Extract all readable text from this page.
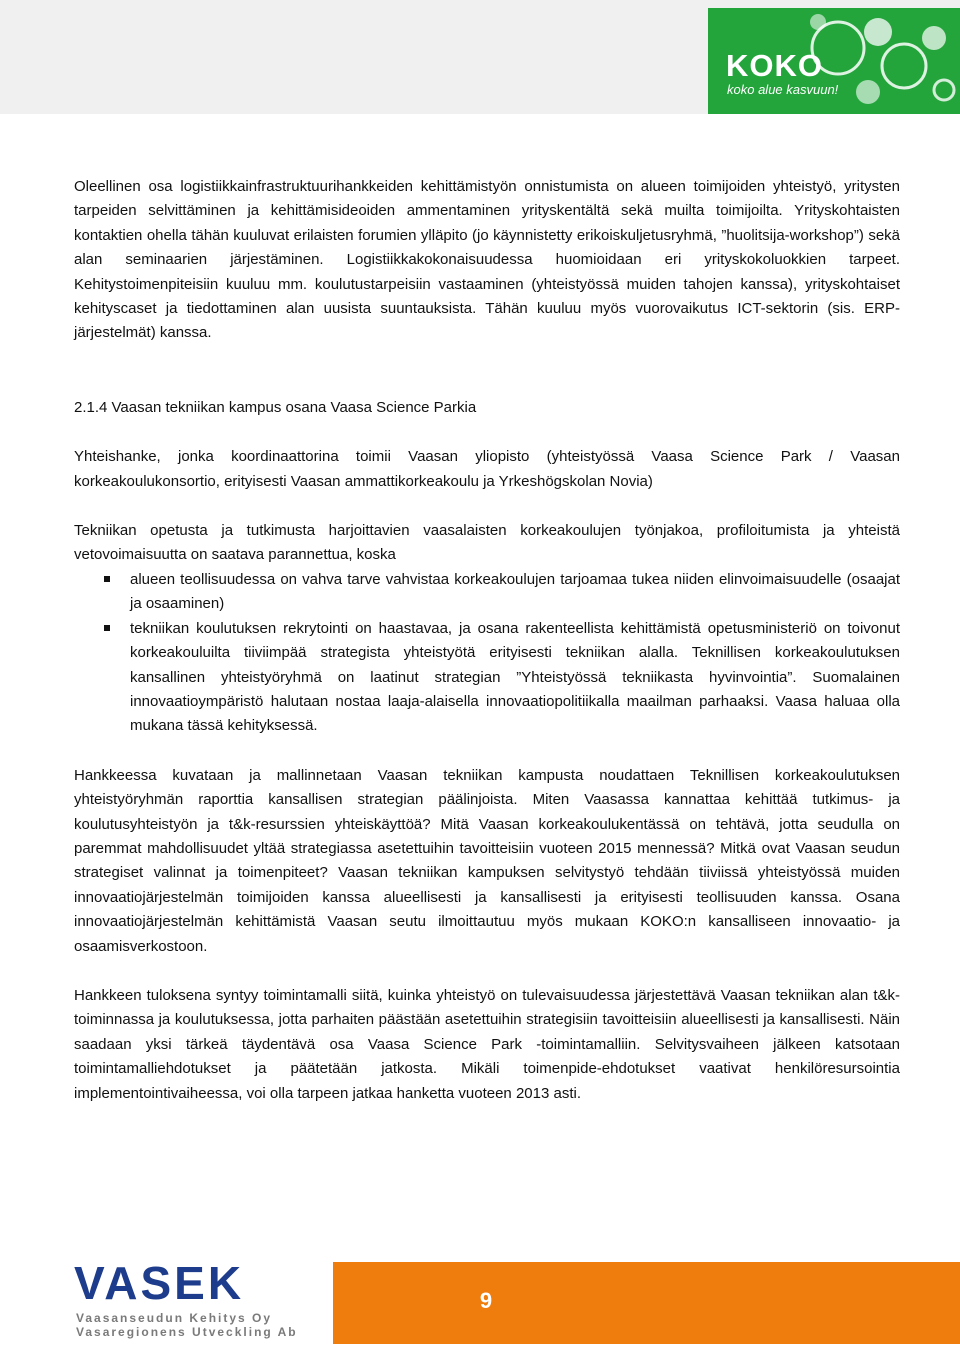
KOKO
koko alue kasvuun!

Oleellinen osa logistiikkainfrastruktuurihankkeiden kehittämistyön onnistumista on alueen toimijoiden yhteistyö, yritysten tarpeiden selvittäminen ja kehittämisideoiden ammentaminen yrityskentältä sekä muilta toimijoilta. Yrityskohtaisten kontaktien ohella tähän kuuluvat erilaisten forumien ylläpito (jo käynnistetty erikoiskuljetusryhmä, ”huolitsija-workshop”) sekä alan seminaarien järjestäminen. Logistiikkakokonaisuudessa huomioidaan eri yrityskokoluokkien tarpeet. Kehitystoimenpiteisiin kuuluu mm. koulutustarpeisiin vastaaminen (yhteistyössä muiden tahojen kanssa), yrityskohtaiset kehityscaset ja tiedottaminen alan uusista suuntauksista. Tähän kuuluu myös vuorovaikutus ICT-sektorin (sis. ERP-järjestelmät) kanssa.

2.1.4 Vaasan tekniikan kampus osana Vaasa Science Parkia

Yhteishanke, jonka koordinaattorina toimii Vaasan yliopisto (yhteistyössä Vaasa Science Park / Vaasan korkeakoulukonsortio, erityisesti Vaasan ammattikorkeakoulu ja Yrkeshögskolan Novia)

Tekniikan opetusta ja tutkimusta harjoittavien vaasalaisten korkeakoulujen työnjakoa, profiloitumista ja yhteistä vetovoimaisuutta on saatava parannettua, koska

alueen teollisuudessa on vahva tarve vahvistaa korkeakoulujen tarjoamaa tukea niiden elinvoimaisuudelle (osaajat ja osaaminen)
tekniikan koulutuksen rekrytointi on haastavaa, ja osana rakenteellista kehittämistä opetusministeriö on toivonut korkeakouluilta tiiviimpää strategista yhteistyötä erityisesti tekniikan alalla. Teknillisen korkeakoulutuksen kansallinen yhteistyöryhmä on laatinut strategian ”Yhteistyössä tekniikasta hyvinvointia”. Suomalainen innovaatioympäristö halutaan nostaa laaja-alaisella innovaatiopolitiikalla maailman parhaaksi. Vaasa haluaa olla mukana tässä kehityksessä.

Hankkeessa kuvataan ja mallinnetaan Vaasan tekniikan kampusta noudattaen Teknillisen korkeakoulutuksen yhteistyöryhmän raporttia kansallisen strategian päälinjoista. Miten Vaasassa kannattaa kehittää tutkimus- ja koulutusyhteistyön ja t&k-resurssien yhteiskäyttöä? Mitä Vaasan korkeakoulukentässä on tehtävä, jotta seudulla on paremmat mahdollisuudet yltää strategiassa asetettuihin tavoitteisiin vuoteen 2015 mennessä? Mitkä ovat Vaasan seudun strategiset valinnat ja toimenpiteet? Vaasan tekniikan kampuksen selvitystyö tehdään tiiviissä yhteistyössä muiden innovaatiojärjestelmän toimijoiden kanssa alueellisesti ja kansallisesti ja erityisesti teollisuuden kanssa. Osana innovaatiojärjestelmän kehittämistä Vaasan seutu ilmoittautuu myös mukaan KOKO:n kansalliseen innovaatio- ja osaamisverkostoon.

Hankkeen tuloksena syntyy toimintamalli siitä, kuinka yhteistyö on tulevaisuudessa järjestettävä Vaasan tekniikan alan t&k-toiminnassa ja koulutuksessa, jotta parhaiten päästään asetettuihin strategisiin tavoitteisiin alueellisesti ja kansallisesti. Näin saadaan yksi tärkeä täydentävä osa Vaasa Science Park -toimintamalliin. Selvitysvaiheen jälkeen katsotaan toimintamalliehdotukset ja päätetään jatkosta. Mikäli toimenpide-ehdotukset vaativat henkilöresursointia implementointivaiheessa, voi olla tarpeen jatkaa hanketta vuoteen 2013 asti.

VASEK
Vaasanseudun Kehitys Oy
Vasaregionens Utveckling Ab
9
